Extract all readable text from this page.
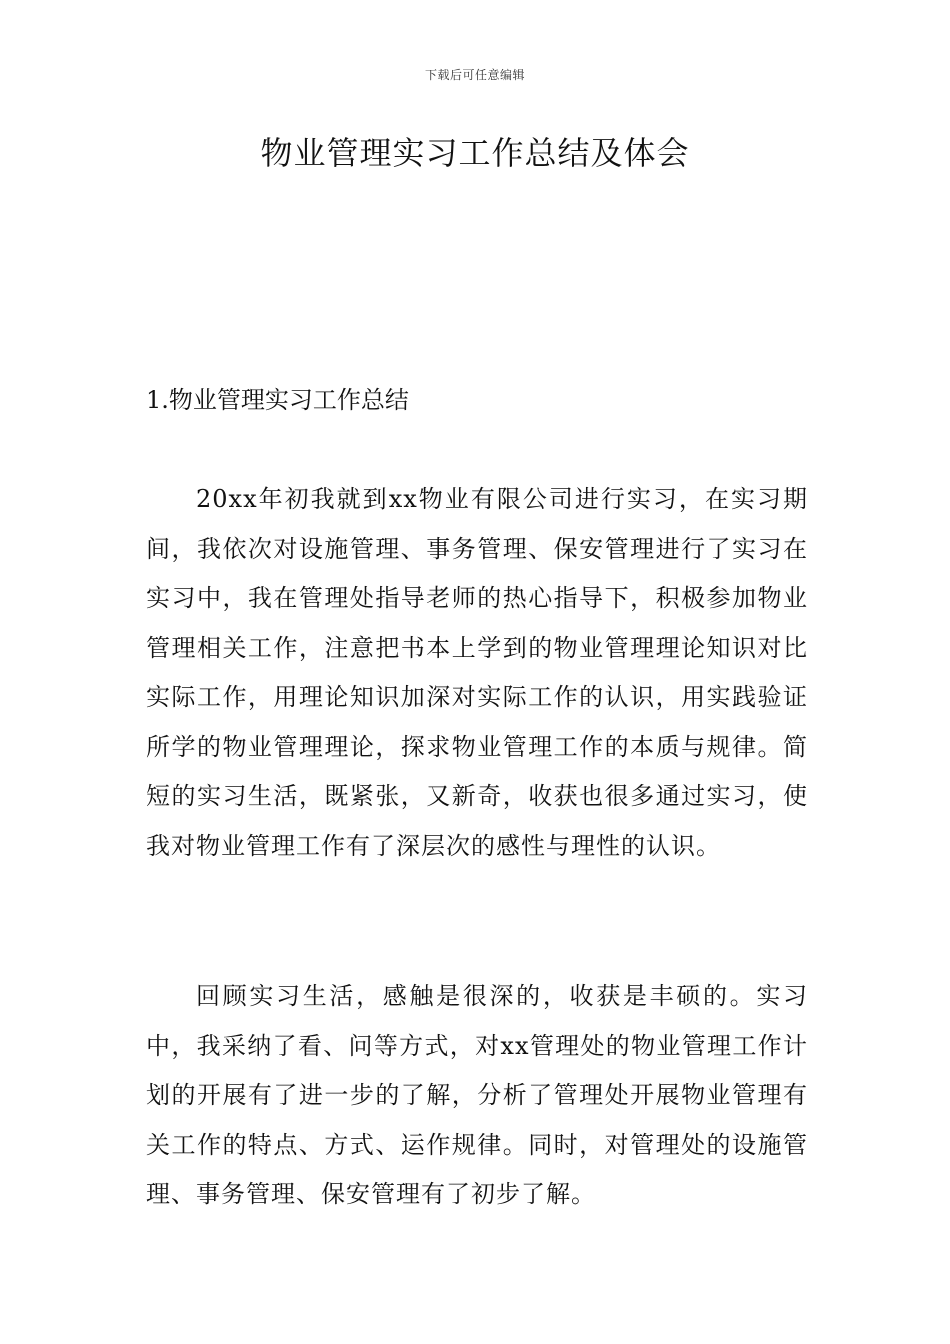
下载后可任意编辑
物业管理实习工作总结及体会
1.物业管理实习工作总结

20xx年初我就到xx物业有限公司进行实习，在实习期间，我依次对设施管理、事务管理、保安管理进行了实习在实习中，我在管理处指导老师的热心指导下，积极参加物业管理相关工作，注意把书本上学到的物业管理理论知识对比实际工作，用理论知识加深对实际工作的认识，用实践验证所学的物业管理理论，探求物业管理工作的本质与规律。简短的实习生活，既紧张，又新奇，收获也很多通过实习，使我对物业管理工作有了深层次的感性与理性的认识。

回顾实习生活，感触是很深的，收获是丰硕的。实习中，我采纳了看、问等方式，对xx管理处的物业管理工作计划的开展有了进一步的了解，分析了管理处开展物业管理有关工作的特点、方式、运作规律。同时，对管理处的设施管理、事务管理、保安管理有了初步了解。
